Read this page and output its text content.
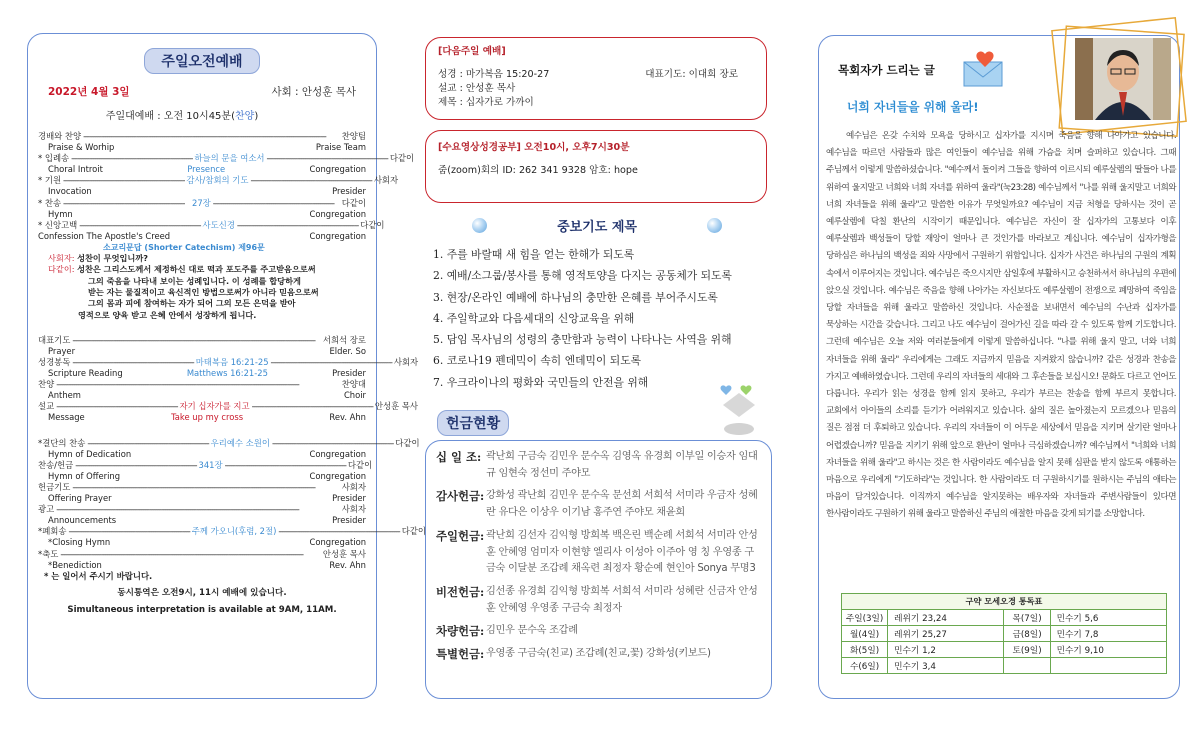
주일오전예배
2022년 4월 3일	사회 : 안성훈 목사
주일대예배 : 오전 10시45분(찬양)
경배와 찬양 ------------------------------------------------------------------------------------------------------------------------	찬양팀
Praise & Worhip	Praise Team
* 입례송 ------------------------------------------------------------ 하늘의 문을 여소서 ------------------------------------------------------------ 다같이
Choral Introit	Presence	Congregation
* 기원 ------------------------------------------------------------ 감사/참회의 기도 ------------------------------------------------------------ 사회자
Invocation	Presider
* 찬송 ------------------------------------------------------------ 27장 ------------------------------------------------------------ 다같이
Hymn	Congregation
* 신앙고백 ------------------------------------------------------------ 사도신경 ------------------------------------------------------------ 다같이
Confession The Apostle's Creed	Congregation
소교리문답 (Shorter Catechism) 제96문
사회자: 성찬이 무엇입니까?
다같이: 성찬은 그리스도께서 제정하신 대로 떡과 포도주를 주고받음으로써
그의 죽음을 나타내 보이는 성례입니다. 이 성례를 합당하게
받는 자는 물질적이고 육신적인 방법으로써가 아니라 믿음으로써
그의 몸과 피에 참여하는 자가 되어 그의 모든 은덕을 받아
영적으로 양육 받고 은혜 안에서 성장하게 됩니다.
대표기도 ------------------------------------------------------------------------------------------------------------------------ 서희석 장로
Prayer	Elder. So
성경봉독 ------------------------------------------------------------ 마태복음 16:21-25 ------------------------------------------------------------ 사회자
Scripture Reading	Matthews 16:21-25	Presider
찬양 ------------------------------------------------------------------------------------------------------------------------	찬양대
Anthem	Choir
설교 ------------------------------------------------------------ 자기 십자가를 지고 ------------------------------------------------------------ 안성훈 목사
Message	Take up my cross	Rev. Ahn
*결단의 찬송 ------------------------------------------------------------ 우리예수 소원이 ------------------------------------------------------------ 다같이
Hymn of Dedication	Congregation
찬송/헌금 ------------------------------------------------------------ 341장 ------------------------------------------------------------ 다같이
Hymn of Offering	Congregation
헌금기도 ------------------------------------------------------------------------------------------------------------------------	사회자
Offering Prayer	Presider
광고 ------------------------------------------------------------------------------------------------------------------------	사회자
Announcements	Presider
*폐회송 ------------------------------------------------------------ 주께 가오니(후렴, 2절) ------------------------------------------------------------ 다같이
*Closing Hymn	Congregation
*축도 ------------------------------------------------------------------------------------------------------------------------	안성훈 목사
*Benediction	Rev. Ahn
* 는 일어서 주시기 바랍니다.
동시통역은 오전9시, 11시 예배에 있습니다.
Simultaneous interpretation is available at 9AM, 11AM.
[다음주일 예배]
성경 : 마가복음 15:20-27	대표기도: 이대희 장로
설교 : 안성훈 목사
제목 : 십자가로 가까이
[수요영상성경공부] 오전10시, 오후7시30분
줌(zoom)회의 ID: 262 341 9328 암호: hope
중보기도 제목
1. 주를 바랄때 새 힘을 얻는 한해가 되도록
2. 예배/소그룹/봉사를 통해 영적토양을 다지는 공동체가 되도록
3. 현장/온라인 예배에 하나님의 충만한 은혜를 부어주시도록
4. 주일학교와 다음세대의 신앙교육을 위해
5. 담임 목사님의 성령의 충만함과 능력이 나타나는 사역을 위해
6. 코로나19 펜데믹이 속히 엔데믹이 되도록
7. 우크라이나의 평화와 국민들의 안전을 위해
헌금현황
십 일 조: 곽난희 구금숙 김민우 문수옥 김영옥 유경희 이부일 이승자 임대규 임현숙 정선미 주야모
감사헌금: 강화성 곽난희 김민우 문수옥 문선희 서희석 서미라 우금자 성혜란 유다은 이상우 이기남 홍주연 주야모 채윤희
주일헌금: 곽난희 김선자 김익형 방희복 백은린 백순례 서희석 서미라 안성훈 안혜영 엄미자 이현향 엘리사 이성아 이주아 영 칭 우영종 구금숙 이달분 조갑례 채옥련 최정자 황순예 현인아 Sonya 무명3
비전헌금: 김선종 유경희 김익형 방희복 서희석 서미라 성혜란 신금자 안성훈 안혜영 우영종 구금숙 최정자
차량헌금: 김민우 문수옥 조갑례
특별헌금: 우영종 구금숙(친교) 조갑례(친교,꽃) 강화성(키보드)
목회자가 드리는 글
너희 자녀들을 위해 울라!
예수님은 온갖 수치와 모욕을 당하시고 십자가를 지시며 죽음을 향해 나아가고 있습니다. 예수님을 따르던 사람들과 많은 여인들이 예수님을 위해 가슴을 치며 슬퍼하고 있습니다. 그때 주님께서 이렇게 말씀하셨습니다. "예수께서 돌이켜 그들을 향하여 이르시되 예루살렘의 딸들아 나를 위하여 울지말고 너희와 너희 자녀를 위하여 울라"(눅23:28) 예수님께서 "나를 위해 울지말고 너희와 너희 자녀들을 위해 울라"고 말씀한 이유가 무엇일까요? 예수님이 지금 처형을 당하시는 것이 곧 예루살렘에 닥칠 환난의 시작이기 때문입니다. 예수님은 자신이 잘 십자가의 고통보다 이후 예루살렘과 백성들이 당할 재앙이 얼마나 큰 것인가를 바라보고 계십니다. 예수님이 십자가형을 당하심은 하나님의 백성을 죄와 사망에서 구원하기 위함입니다. 십자가 사건은 하나님의 구원의 계획 속에서 이루어지는 것입니다. 예수님은 죽으시지만 삼일후에 부활하시고 승천하셔서 하나님의 우편에 앉으실 것입니다. 예수님은 죽음을 향해 나아가는 자신보다도 예루살렘이 전쟁으로 폐망하여 죽임을 당할 자녀들을 위해 울라고 말씀하신 것입니다. 사순절을 보내면서 예수님의 수난과 십자가를 묵상하는 시간을 갖습니다. 그리고 나도 예수님이 걸어가신 길을 따라 갈 수 있도록 함께 기도합니다. 그런데 예수님은 오늘 저와 여러분들에게 이렇게 말씀하십니다. "나를 위해 울지 말고, 너와 너희 자녀들을 위해 울라" 우리에게는 그래도 지금까지 믿음을 지켜왔지 않습니까? 같은 성경과 찬송을 가지고 예배하였습니다. 그런데 우리의 자녀들의 세대와 그 후손들을 보십시오! 문화도 다르고 언어도 다릅니다. 우리가 읽는 성경을 함께 읽지 못하고, 우리가 부르는 찬송을 함께 부르지 못합니다. 교회에서 아이들의 소리를 듣기가 어려워지고 있습니다. 삶의 질은 높아졌는지 모르겠으나 믿음의 질은 점점 더 후퇴하고 있습니다. 우리의 자녀들이 이 어두운 세상에서 믿음을 지키며 살기란 얼마나 어렵겠습니까? 믿음을 지키기 위해 앞으로 환난이 얼마나 극심하겠습니까? 예수님께서 "너희와 너희 자녀들을 위해 울라"고 하시는 것은 한 사람이라도 예수님을 알지 못해 심판을 받지 않도록 애통하는 마음으로 우리에게 "기도하라"는 것입니다. 한 사람이라도 더 구원하시기를 원하시는 주님의 애타는 마음이 담겨있습니다. 이직까지 예수님을 알지못하는 배우자와 자녀들과 주변사람들이 있다면 한사람이라도 구원하기 위해 울라고 말씀하신 주님의 애절한 마음을 갖게 되기를 소망합니다.
구약 모세오경 통독표			
주일(3일)	레위기 23,24	목(7일)	민수기 5,6
월(4일)	레위기 25,27	금(8일)	민수기 7,8
화(5일)	민수기 1,2	토(9일)	민수기 9,10
수(6일)	민수기 3,4		
